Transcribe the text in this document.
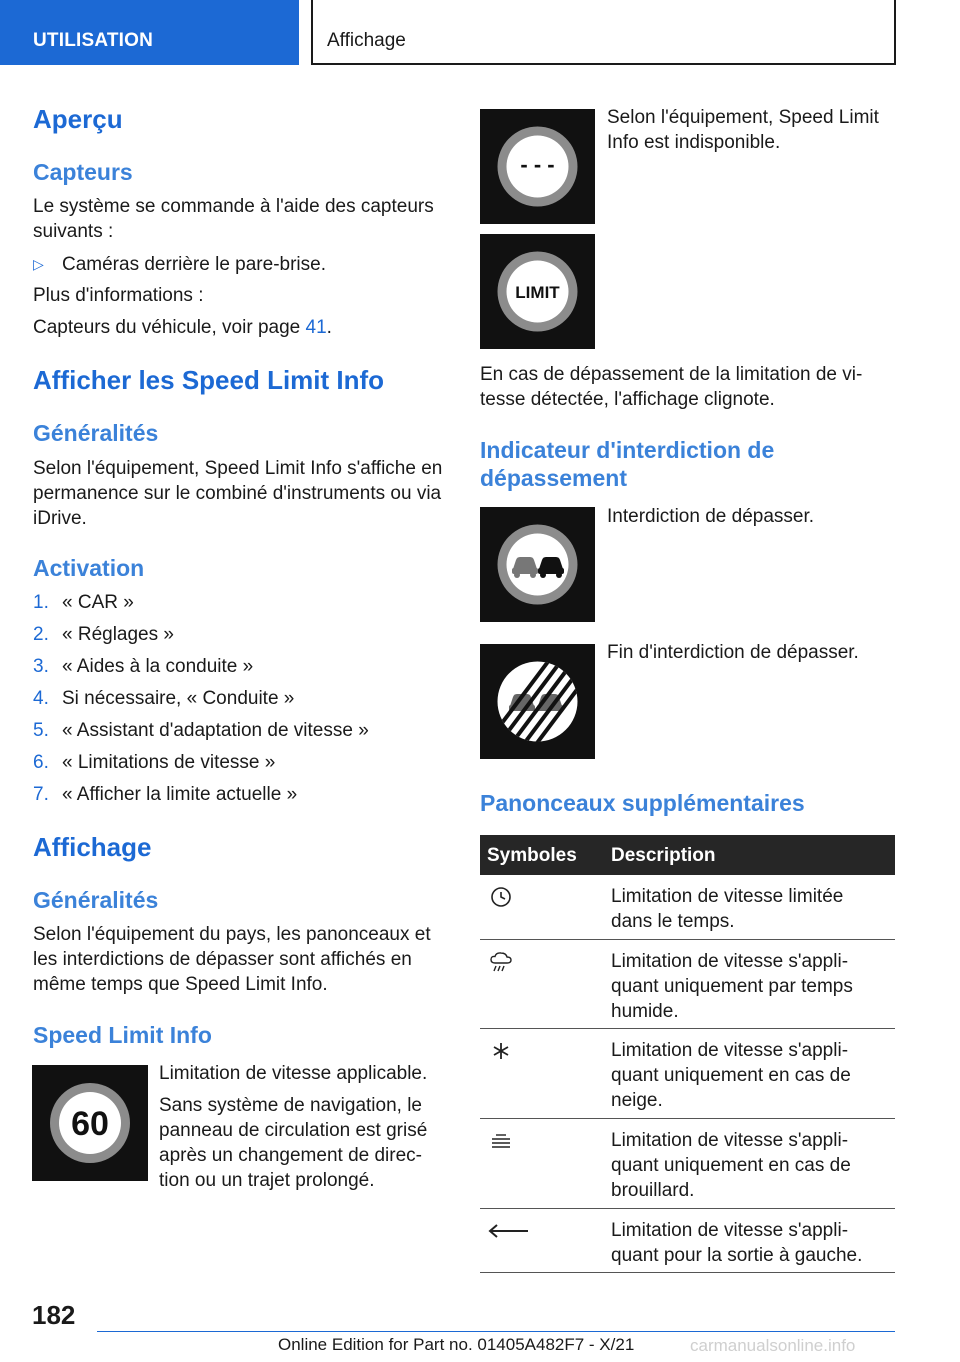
UTILISATION	Affichage
Aperçu
Capteurs
Le système se commande à l'aide des capteurs
suivants :
▷ Caméras derrière le pare-brise.
Plus d'informations :
Capteurs du véhicule, voir page 41.
Afficher les Speed Limit Info
Généralités
Selon l'équipement, Speed Limit Info s'affiche en
permanence sur le combiné d'instruments ou via
iDrive.
Activation
1. « CAR »
2. « Réglages »
3. « Aides à la conduite »
4. Si nécessaire, « Conduite »
5. « Assistant d'adaptation de vitesse »
6. « Limitations de vitesse »
7. « Afficher la limite actuelle »
Affichage
Généralités
Selon l'équipement du pays, les panonceaux et
les interdictions de dépasser sont affichés en
même temps que Speed Limit Info.
Speed Limit Info
60
Limitation de vitesse applicable.
Sans système de navigation, le
panneau de circulation est grisé
après un changement de direc-
tion ou un trajet prolongé.
- - -
Selon l'équipement, Speed Limit
Info est indisponible.
LIMIT
En cas de dépassement de la limitation de vi-
tesse détectée, l'affichage clignote.
Indicateur d'interdiction de
dépassement
Interdiction de dépasser.
Fin d'interdiction de dépasser.
Panonceaux supplémentaires
Symboles Description
Limitation de vitesse limitée
dans le temps.
Limitation de vitesse s'appli-
quant uniquement par temps
humide.
Limitation de vitesse s'appli-
quant uniquement en cas de
neige.
Limitation de vitesse s'appli-
quant uniquement en cas de
brouillard.
Limitation de vitesse s'appli-
quant pour la sortie à gauche.
182
Online Edition for Part no. 01405A482F7 - X/21	carmanualsonline.info
